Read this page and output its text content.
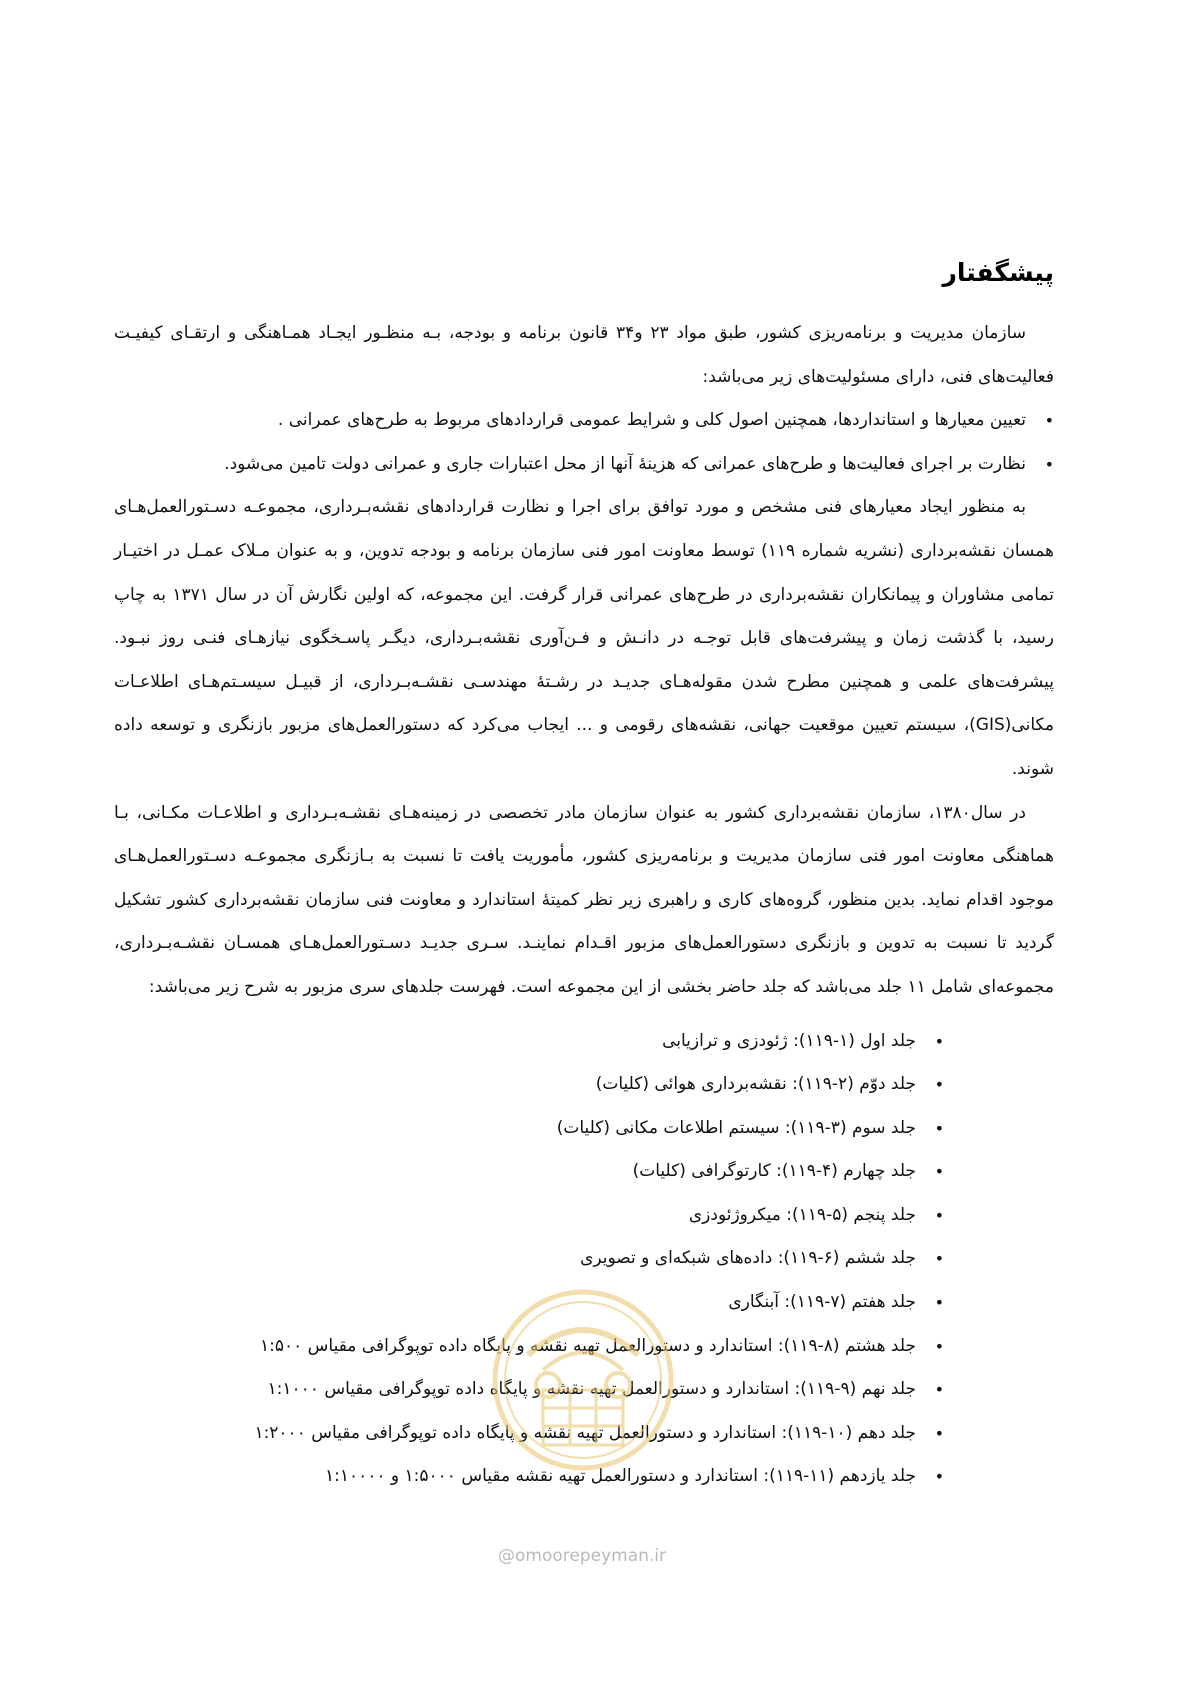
پیشگفتار

سازمان مدیریت و برنامه‌ریزی کشور، طبق مواد ۲۳ و۳۴ قانون برنامه و بودجه، بـه منظـور ایجـاد همـاهنگی و ارتقـای کیفیـت فعالیت‌های فنی، دارای مسئولیت‌های زیر می‌باشد:

• تعیین معیارها و استانداردها، همچنین اصول کلی و شرایط عمومی قراردادهای مربوط به طرح‌های عمرانی .
• نظارت بر اجرای فعالیت‌ها و طرح‌های عمرانی که هزینهٔ آنها از محل اعتبارات جاری و عمرانی دولت تامین می‌شود.

به منظور ایجاد معیارهای فنی مشخص و مورد توافق برای اجرا و نظارت قراردادهای نقشه‌بـرداری، مجموعـه دسـتورالعمل‌هـای همسان نقشه‌برداری (نشریه شماره ۱۱۹) توسط معاونت امور فنی سازمان برنامه و بودجه تدوین، و به عنوان مـلاک عمـل در اختیـار تمامی مشاوران و پیمانکاران نقشه‌برداری در طرح‌های عمرانی قرار گرفت. این مجموعه، که اولین نگارش آن در سال ۱۳۷۱ به چاپ رسید، با گذشت زمان و پیشرفت‌های قابل توجـه در دانـش و فـن‌آوری نقشه‌بـرداری، دیگـر پاسـخگوی نیازهـای فنـی روز نبـود. پیشرفت‌های علمی و همچنین مطرح شدن مقوله‌هـای جدیـد در رشـتهٔ مهندسـی نقشـه‌بـرداری، از قبیـل سیسـتم‌هـای اطلاعـات مکانی(GIS)، سیستم تعیین موقعیت جهانی، نقشه‌های رقومی و ... ایجاب می‌کرد که دستورالعمل‌های مزبور بازنگری و توسعه داده شوند.

در سال۱۳۸۰، سازمان نقشه‌برداری کشور به عنوان سازمان مادر تخصصی در زمینه‌هـای نقشـه‌بـرداری و اطلاعـات مکـانی، بـا هماهنگی معاونت امور فنی سازمان مدیریت و برنامه‌ریزی کشور، مأموریت یافت تا نسبت به بـازنگری مجموعـه دسـتورالعمل‌هـای موجود اقدام نماید. بدین منظور، گروه‌های کاری و راهبری زیر نظر کمیتهٔ استاندارد و معاونت فنی سازمان نقشه‌برداری کشور تشکیل گردید تا نسبت به تدوین و بازنگری دستورالعمل‌های مزبور اقـدام نماینـد. سـری جدیـد دسـتورالعمل‌هـای همسـان نقشـه‌بـرداری، مجموعه‌ای شامل ۱۱ جلد می‌باشد که جلد حاضر بخشی از این مجموعه است. فهرست جلدهای سری مزبور به شرح زیر می‌باشد:

• جلد اول (۱-۱۱۹): ژئودزی و ترازیابی
• جلد دوّم (۲-۱۱۹): نقشه‌برداری هوائی (کلیات)
• جلد سوم (۳-۱۱۹): سیستم اطلاعات مکانی (کلیات)
• جلد چهارم (۴-۱۱۹): کارتوگرافی (کلیات)
• جلد پنجم (۵-۱۱۹): میکروژئودزی
• جلد ششم (۶-۱۱۹): داده‌های شبکه‌ای و تصویری
• جلد هفتم (۷-۱۱۹): آبنگاری
• جلد هشتم (۸-۱۱۹): استاندارد و دستورالعمل تهیه نقشه و پایگاه داده توپوگرافی مقیاس ۱:۵۰۰
• جلد نهم (۹-۱۱۹): استاندارد و دستورالعمل تهیه نقشه و پایگاه داده توپوگرافی مقیاس ۱:۱۰۰۰
• جلد دهم (۱۰-۱۱۹): استاندارد و دستورالعمل تهیه نقشه و پایگاه داده توپوگرافی مقیاس ۱:۲۰۰۰
• جلد یازدهم (۱۱-۱۱۹): استاندارد و دستورالعمل تهیه نقشه مقیاس ۱:۵۰۰۰ و ۱:۱۰۰۰۰
@omoorepeyman.ir
